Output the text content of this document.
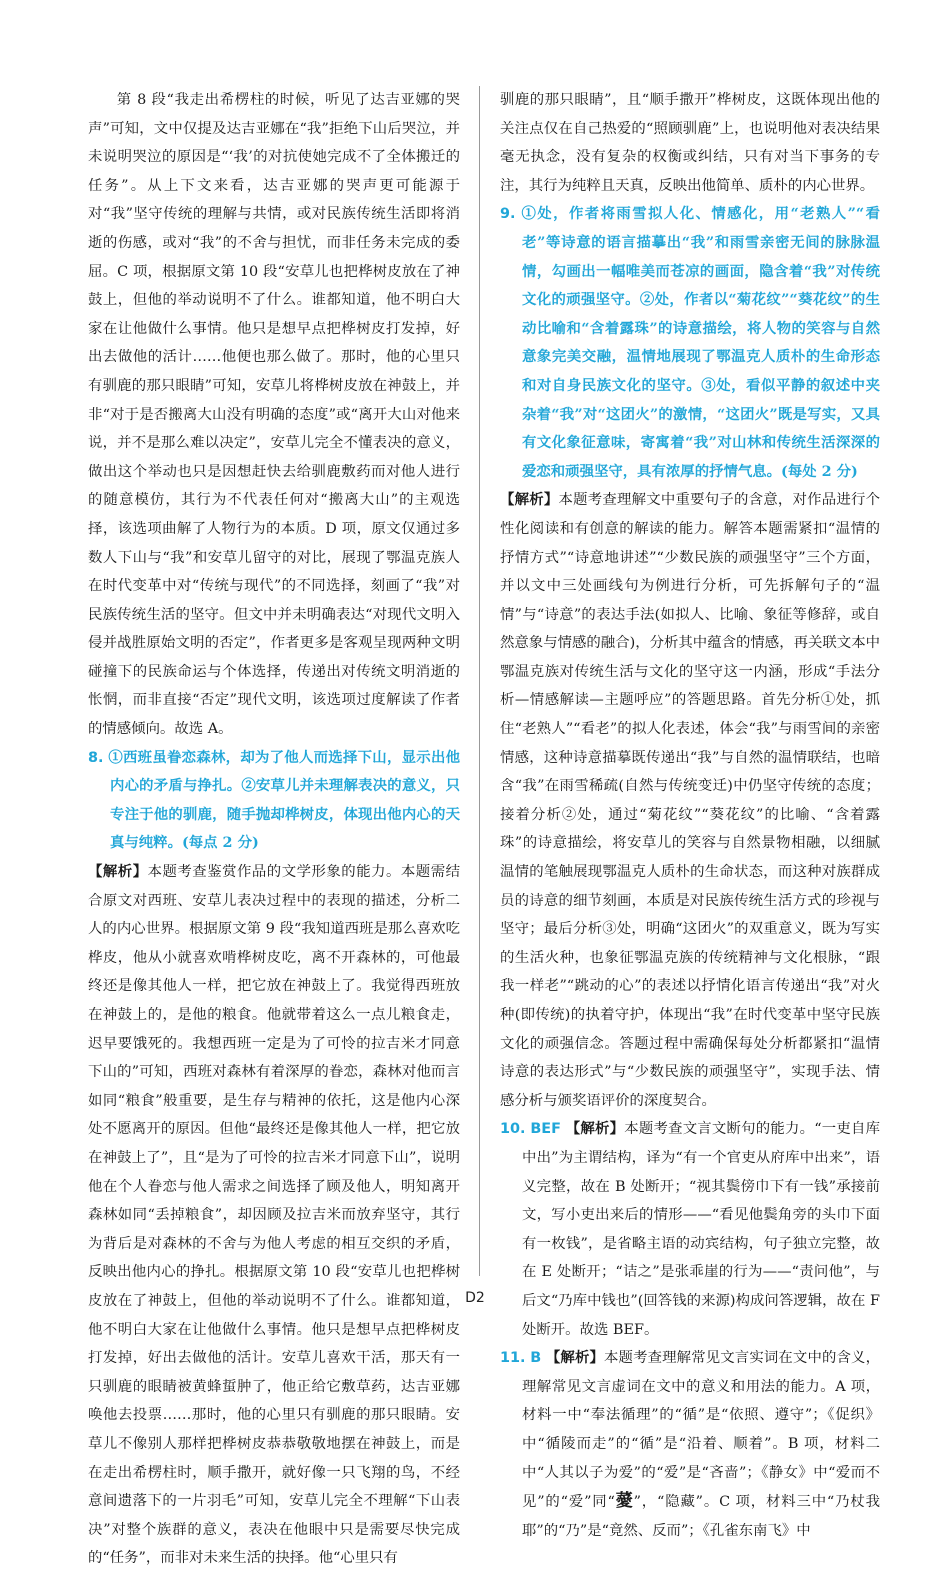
第 8 段“我走出希楞柱的时候，听见了达吉亚娜的哭声”可知，文中仅提及达吉亚娜在“我”拒绝下山后哭泣，并未说明哭泣的原因是“‘我’的对抗使她完成不了全体搬迁的任务”。从上下文来看，达吉亚娜的哭声更可能源于对“我”坚守传统的理解与共情，或对民族传统生活即将消逝的伤感，或对“我”的不舍与担忧，而非任务未完成的委屈。C 项，根据原文第 10 段“安草儿也把桦树皮放在了神鼓上，但他的举动说明不了什么。谁都知道，他不明白大家在让他做什么事情。他只是想早点把桦树皮打发掉，好出去做他的活计……他便也那么做了。那时，他的心里只有驯鹿的那只眼睛”可知，安草儿将桦树皮放在神鼓上，并非“对于是否搬离大山没有明确的态度”或“离开大山对他来说，并不是那么难以决定”，安草儿完全不懂表决的意义，做出这个举动也只是因想赶快去给驯鹿敷药而对他人进行的随意模仿，其行为不代表任何对“搬离大山”的主观选择，该选项曲解了人物行为的本质。D 项，原文仅通过多数人下山与“我”和安草儿留守的对比，展现了鄂温克族人在时代变革中对“传统与现代”的不同选择，刻画了“我”对民族传统生活的坚守。但文中并未明确表达“对现代文明入侵并战胜原始文明的否定”，作者更多是客观呈现两种文明碰撞下的民族命运与个体选择，传递出对传统文明消逝的怅惘，而非直接“否定”现代文明，该选项过度解读了作者的情感倾向。故选 A。

8. ①西班虽眷恋森林，却为了他人而选择下山，显示出他内心的矛盾与挣扎。②安草儿并未理解表决的意义，只专注于他的驯鹿，随手抛却桦树皮，体现出他内心的天真与纯粹。(每点 2 分)

【解析】本题考查鉴赏作品的文学形象的能力。本题需结合原文对西班、安草儿表决过程中的表现的描述，分析二人的内心世界。根据原文第 9 段“我知道西班是那么喜欢吃桦皮，他从小就喜欢啃桦树皮吃，离不开森林的，可他最终还是像其他人一样，把它放在神鼓上了。我觉得西班放在神鼓上的，是他的粮食。他就带着这么一点儿粮食走，迟早要饿死的。我想西班一定是为了可怜的拉吉米才同意下山的”可知，西班对森林有着深厚的眷恋，森林对他而言如同“粮食”般重要，是生存与精神的依托，这是他内心深处不愿离开的原因。但他“最终还是像其他人一样，把它放在神鼓上了”，且“是为了可怜的拉吉米才同意下山”，说明他在个人眷恋与他人需求之间选择了顾及他人，明知离开森林如同“丢掉粮食”，却因顾及拉吉米而放弃坚守，其行为背后是对森林的不舍与为他人考虑的相互交织的矛盾，反映出他内心的挣扎。根据原文第 10 段“安草儿也把桦树皮放在了神鼓上，但他的举动说明不了什么。谁都知道，他不明白大家在让他做什么事情。他只是想早点把桦树皮打发掉，好出去做他的活计。安草儿喜欢干活，那天有一只驯鹿的眼睛被黄蜂蜇肿了，他正给它敷草药，达吉亚娜唤他去投票……那时，他的心里只有驯鹿的那只眼睛。安草儿不像别人那样把桦树皮恭恭敬敬地摆在神鼓上，而是在走出希楞柱时，顺手撒开，就好像一只飞翔的鸟，不经意间遗落下的一片羽毛”可知，安草儿完全不理解“下山表决”对整个族群的意义，表决在他眼中只是需要尽快完成的“任务”，而非对未来生活的抉择。他“心里只有

驯鹿的那只眼睛”，且“顺手撒开”桦树皮，这既体现出他的关注点仅在自己热爱的“照顾驯鹿”上，也说明他对表决结果毫无执念，没有复杂的权衡或纠结，只有对当下事务的专注，其行为纯粹且天真，反映出他简单、质朴的内心世界。

9. ①处，作者将雨雪拟人化、情感化，用“老熟人”“看老”等诗意的语言描摹出“我”和雨雪亲密无间的脉脉温情，勾画出一幅唯美而苍凉的画面，隐含着“我”对传统文化的顽强坚守。②处，作者以“菊花纹”“葵花纹”的生动比喻和“含着露珠”的诗意描绘，将人物的笑容与自然意象完美交融，温情地展现了鄂温克人质朴的生命形态和对自身民族文化的坚守。③处，看似平静的叙述中夹杂着“我”对“这团火”的激情，“这团火”既是写实，又具有文化象征意味，寄寓着“我”对山林和传统生活深深的爱恋和顽强坚守，具有浓厚的抒情气息。(每处 2 分)

【解析】本题考查理解文中重要句子的含意，对作品进行个性化阅读和有创意的解读的能力。解答本题需紧扣“温情的抒情方式”“诗意地讲述”“少数民族的顽强坚守”三个方面，并以文中三处画线句为例进行分析，可先拆解句子的“温情”与“诗意”的表达手法(如拟人、比喻、象征等修辞，或自然意象与情感的融合)，分析其中蕴含的情感，再关联文本中鄂温克族对传统生活与文化的坚守这一内涵，形成“手法分析—情感解读—主题呼应”的答题思路。首先分析①处，抓住“老熟人”“看老”的拟人化表述，体会“我”与雨雪间的亲密情感，这种诗意描摹既传递出“我”与自然的温情联结，也暗含“我”在雨雪稀疏(自然与传统变迁)中仍坚守传统的态度；接着分析②处，通过“菊花纹”“葵花纹”的比喻、“含着露珠”的诗意描绘，将安草儿的笑容与自然景物相融，以细腻温情的笔触展现鄂温克人质朴的生命状态，而这种对族群成员的诗意的细节刻画，本质是对民族传统生活方式的珍视与坚守；最后分析③处，明确“这团火”的双重意义，既为写实的生活火种，也象征鄂温克族的传统精神与文化根脉，“跟我一样老”“跳动的心”的表述以抒情化语言传递出“我”对火种(即传统)的执着守护，体现出“我”在时代变革中坚守民族文化的顽强信念。答题过程中需确保每处分析都紧扣“温情诗意的表达形式”与“少数民族的顽强坚守”，实现手法、情感分析与颁奖语评价的深度契合。

10. BEF 【解析】本题考查文言文断句的能力。“一吏自库中出”为主谓结构，译为“有一个官吏从府库中出来”，语义完整，故在 B 处断开；“视其鬓傍巾下有一钱”承接前文，写小吏出来后的情形——“看见他鬓角旁的头巾下面有一枚钱”，是省略主语的动宾结构，句子独立完整，故在 E 处断开；“诘之”是张乖崖的行为——“责问他”，与后文“乃库中钱也”(回答钱的来源)构成问答逻辑，故在 F 处断开。故选 BEF。

11. B 【解析】本题考查理解常见文言实词在文中的含义，理解常见文言虚词在文中的意义和用法的能力。A 项，材料一中“奉法循理”的“循”是“依照、遵守”；《促织》中“循陵而走”的“循”是“沿着、顺着”。B 项，材料二中“人其以子为爱”的“爱”是“吝啬”；《静女》中“爱而不见”的“爱”同“薆”，“隐藏”。C 项，材料三中“乃杖我耶”的“乃”是“竟然、反而”；《孔雀东南飞》中

D2
